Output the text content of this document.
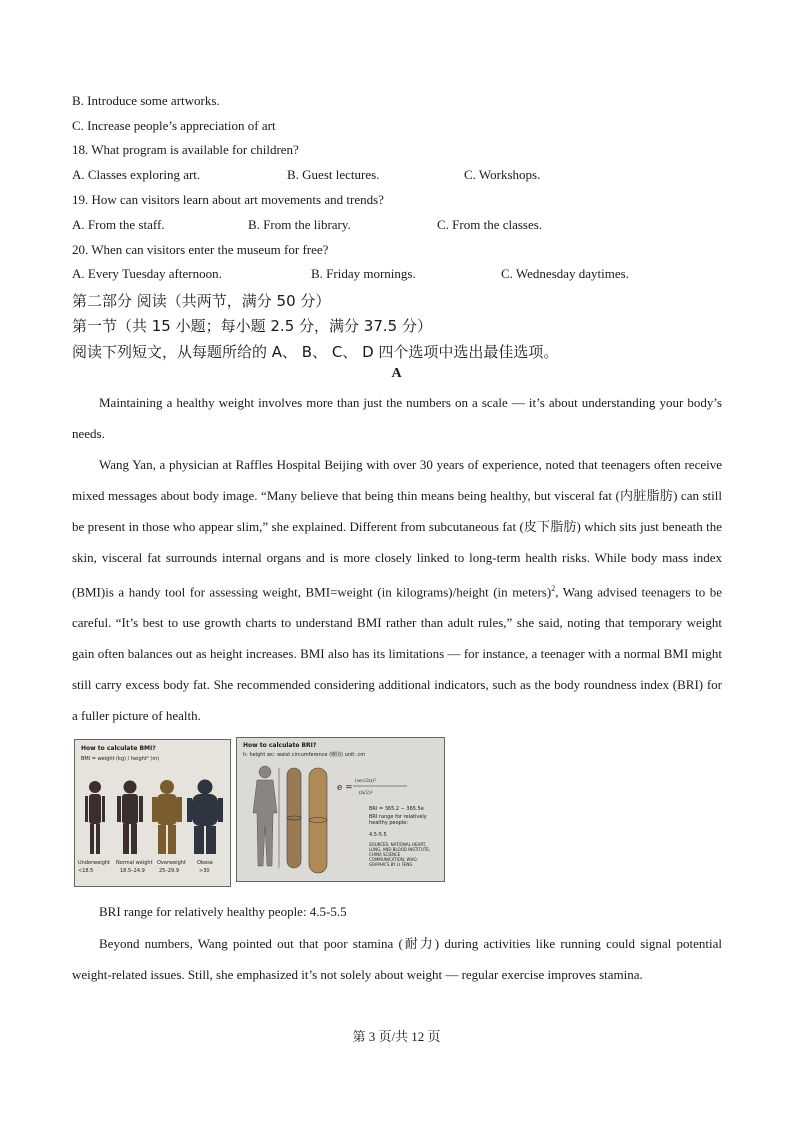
B. Introduce some artworks.
C. Increase people’s appreciation of art
18. What program is available for children?
A. Classes exploring art.	B. Guest lectures.	C. Workshops.
19. How can visitors learn about art movements and trends?
A. From the staff.	B. From the library.	C. From the classes.
20. When can visitors enter the museum for free?
A. Every Tuesday afternoon.	B. Friday mornings.	C. Wednesday daytimes.
第二部分 阅读（共两节，满分 50 分）
第一节（共 15 小题；每小题 2.5 分，满分 37.5 分）
阅读下列短文，从每题所给的 A、 B、 C、 D 四个选项中选出最佳选项。
A
Maintaining a healthy weight involves more than just the numbers on a scale — it’s about understanding your body’s needs.
Wang Yan, a physician at Raffles Hospital Beijing with over 30 years of experience, noted that teenagers often receive mixed messages about body image. “Many believe that being thin means being healthy, but visceral fat (内脏脂肪) can still be present in those who appear slim,” she explained. Different from subcutaneous fat (皮下脂肪) which sits just beneath the skin, visceral fat surrounds internal organs and is more closely linked to long-term health risks. While body mass index (BMI)is a handy tool for assessing weight, BMI=weight (in kilograms)/height (in meters)$^2$, Wang advised teenagers to be careful. “It’s best to use growth charts to understand BMI rather than adult rules,” she said, noting that temporary weight gain often balances out as height increases. BMI also has its limitations — for instance, a teenager with a normal BMI might still carry excess body fat. She recommended considering additional indicators, such as the body roundness index (BRI) for a fuller picture of health.
How to calculate BMI?
BMI = weight (kg) / height² (m)
Underweight
<18.5
Normal weight
18.5–24.9
Overweight
25–29.9
Obese
>30
How to calculate BRI?
h: height wc: waist circumference (腰围) unit: cm
e =
(wc/2π)²
(h/2)²
BRI = 365.2 − 365.5e
BRI range for relatively healthy people:
4.5-5.5
SOURCES: NATIONAL HEART, LUNG, AND BLOOD INSTITUTE; CHINA SCIENCE COMMUNICATION; WHO. GRAPHICS BY LI FENG
BRI range for relatively healthy people: 4.5-5.5
Beyond numbers, Wang pointed out that poor stamina (耐力) during activities like running could signal potential weight-related issues. Still, she emphasized it’s not solely about weight — regular exercise improves stamina.
第 3 页/共 12 页
